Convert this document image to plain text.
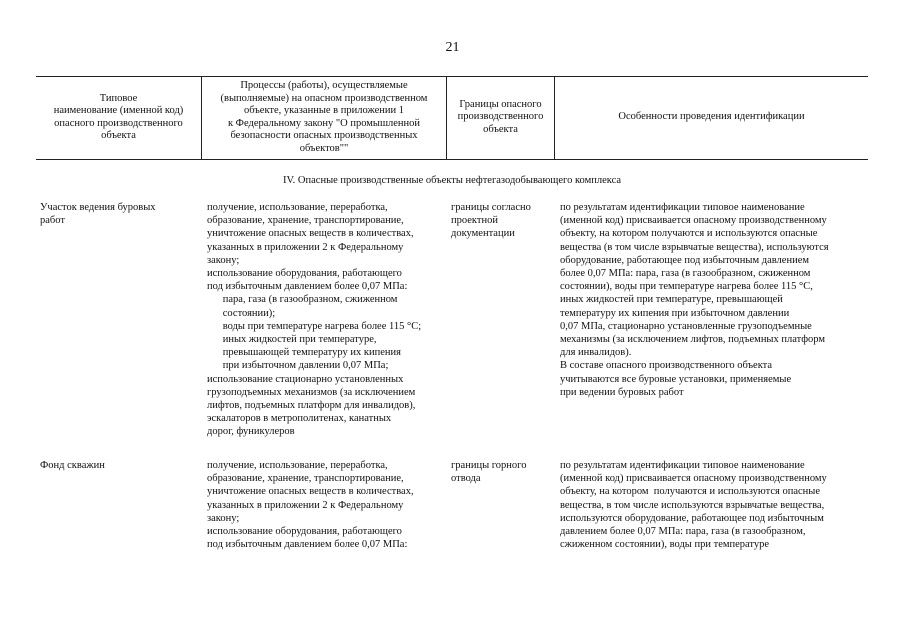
21
Типовое
наименование (именной код)
опасного производственного
объекта
Процессы (работы), осуществляемые
(выполняемые) на опасном производственном
объекте, указанные в приложении 1
к Федеральному закону "О промышленной
безопасности опасных производственных
объектов""
Границы опасного
производственного
объекта
Особенности проведения идентификации
IV. Опасные производственные объекты нефтегазодобывающего комплекса
Участок ведения буровых
работ
получение, использование, переработка,
образование, хранение, транспортирование,
уничтожение опасных веществ в количествах,
указанных в приложении 2 к Федеральному
закону;
использование оборудования, работающего
под избыточным давлением более 0,07 МПа:
пара, газа (в газообразном, сжиженном
состоянии);
воды при температуре нагрева более 115 °C;
иных жидкостей при температуре,
превышающей температуру их кипения
при избыточном давлении 0,07 МПа;
использование стационарно установленных
грузоподъемных механизмов (за исключением
лифтов, подъемных платформ для инвалидов),
эскалаторов в метрополитенах, канатных
дорог, фуникулеров
границы согласно
проектной
документации
по результатам идентификации типовое наименование
(именной код) присваивается опасному производственному
объекту, на котором получаются и используются опасные
вещества (в том числе взрывчатые вещества), используются
оборудование, работающее под избыточным давлением
более 0,07 МПа: пара, газа (в газообразном, сжиженном
состоянии), воды при температуре нагрева более 115 °C,
иных жидкостей при температуре, превышающей
температуру их кипения при избыточном давлении
0,07 МПа, стационарно установленные грузоподъемные
механизмы (за исключением лифтов, подъемных платформ
для инвалидов).
В составе опасного производственного объекта
учитываются все буровые установки, применяемые
при ведении буровых работ
Фонд скважин	получение, использование, переработка,
образование, хранение, транспортирование,
уничтожение опасных веществ в количествах,
указанных в приложении 2 к Федеральному
закону;
использование оборудования, работающего
под избыточным давлением более 0,07 МПа:
границы горного
отвода
по результатам идентификации типовое наименование
(именной код) присваивается опасному производственному
объекту, на котором  получаются и используются опасные
вещества, в том числе используются взрывчатые вещества,
используются оборудование, работающее под избыточным
давлением более 0,07 МПа: пара, газа (в газообразном,
сжиженном состоянии), воды при температуре
